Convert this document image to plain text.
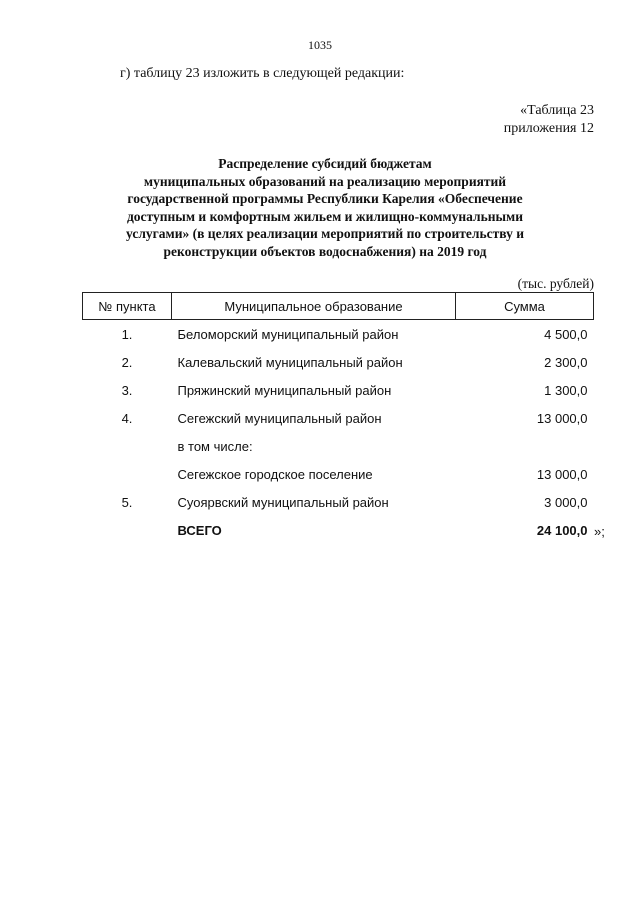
1035
г) таблицу 23 изложить в следующей редакции:
«Таблица 23
приложения 12
Распределение субсидий бюджетам
муниципальных образований на реализацию мероприятий
государственной программы Республики Карелия «Обеспечение
доступным и комфортным жильем и жилищно-коммунальными
услугами» (в целях реализации мероприятий по строительству и
реконструкции объектов водоснабжения) на 2019 год
(тыс. рублей)
№ пункта	Муниципальное образование	Сумма
1.	Беломорский муниципальный район	4 500,0
2.	Калевальский муниципальный район	2 300,0
3.	Пряжинский муниципальный район	1 300,0
4.	Сегежский муниципальный район	13 000,0
	в том числе:	
	Сегежское городское поселение	13 000,0
5.	Суоярвский муниципальный район	3 000,0
	ВСЕГО	24 100,0 »;
